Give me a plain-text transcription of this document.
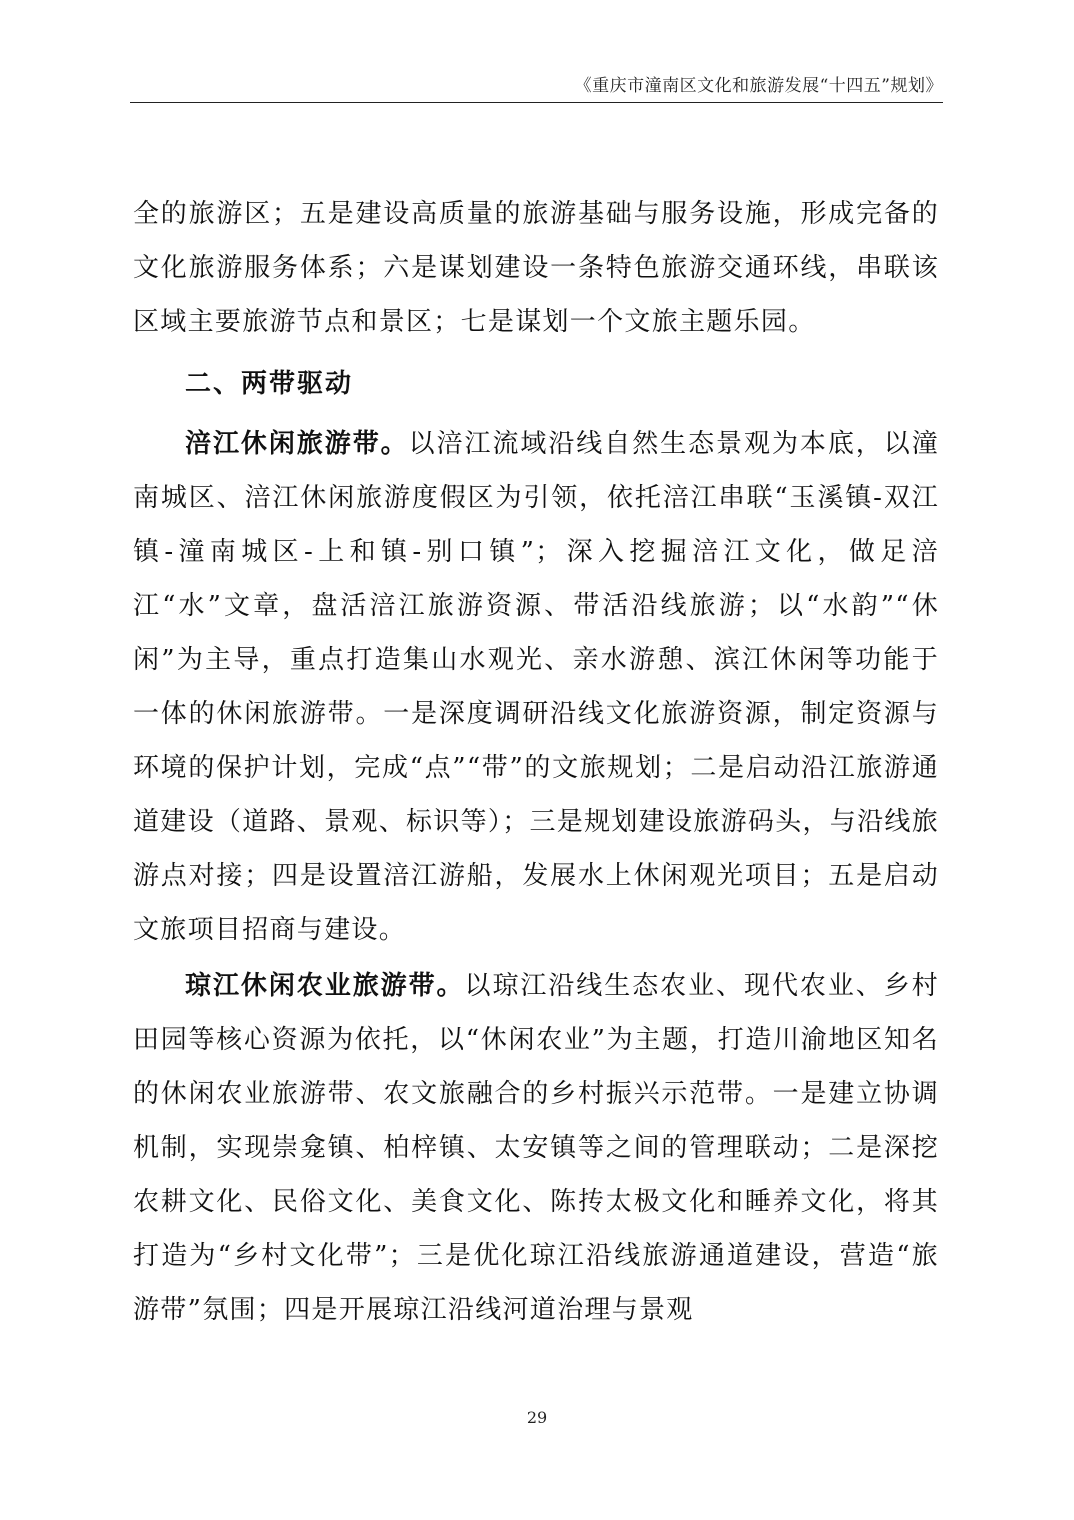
《重庆市潼南区文化和旅游发展“十四五”规划》

全的旅游区；五是建设高质量的旅游基础与服务设施，形成完备的文化旅游服务体系；六是谋划建设一条特色旅游交通环线，串联该区域主要旅游节点和景区；七是谋划一个文旅主题乐园。

二、两带驱动

涪江休闲旅游带。以涪江流域沿线自然生态景观为本底，以潼南城区、涪江休闲旅游度假区为引领，依托涪江串联“玉溪镇-双江镇-潼南城区-上和镇-别口镇”；深入挖掘涪江文化，做足涪江“水”文章，盘活涪江旅游资源、带活沿线旅游；以“水韵”“休闲”为主导，重点打造集山水观光、亲水游憩、滨江休闲等功能于一体的休闲旅游带。一是深度调研沿线文化旅游资源，制定资源与环境的保护计划，完成“点”“带”的文旅规划；二是启动沿江旅游通道建设（道路、景观、标识等）；三是规划建设旅游码头，与沿线旅游点对接；四是设置涪江游船，发展水上休闲观光项目；五是启动文旅项目招商与建设。

琼江休闲农业旅游带。以琼江沿线生态农业、现代农业、乡村田园等核心资源为依托，以“休闲农业”为主题，打造川渝地区知名的休闲农业旅游带、农文旅融合的乡村振兴示范带。一是建立协调机制，实现崇龛镇、柏梓镇、太安镇等之间的管理联动；二是深挖农耕文化、民俗文化、美食文化、陈抟太极文化和睡养文化，将其打造为“乡村文化带”；三是优化琼江沿线旅游通道建设，营造“旅游带”氛围；四是开展琼江沿线河道治理与景观

29
